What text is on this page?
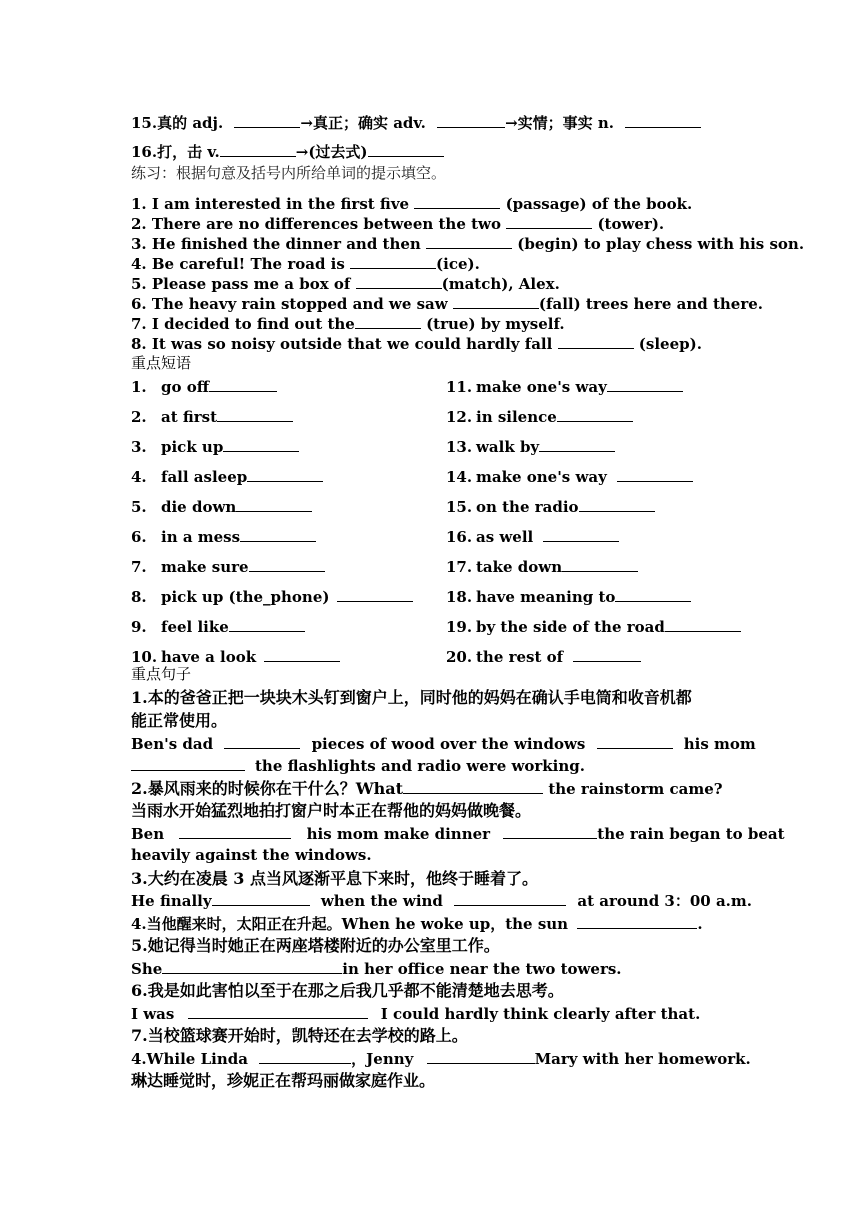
15.真的 adj.	→真正；确实 adv.	→实情；事实 n.
16.打，击 v.	→(过去式)
练习：根据句意及括号内所给单词的提示填空。
1. I am interested in the first five	(passage) of the book.
2. There are no differences between the two	(tower).
3. He finished the dinner and then	(begin) to play chess with his son.
4. Be careful! The road is	(ice).
5. Please pass me a box of	(match), Alex.
6. The heavy rain stopped and we saw	(fall) trees here and there.
7. I decided to find out the	(true) by myself.
8. It was so noisy outside that we could hardly fall	(sleep).
重点短语
1. go off
2. at first
3. pick up
4. fall asleep
5. die down
6. in a mess
7. make sure
8. pick up (the_phone)
9. feel like
10. have a look
11. make one's way
12. in silence
13. walk by
14. make one's way
15. on the radio
16. as well
17. take down
18. have meaning to
19. by the side of the road
20. the rest of
重点句子
1.本的爸爸正把一块块木头钉到窗户上，同时他的妈妈在确认手电筒和收音机都
能正常使用。
Ben's dad	pieces of wood over the windows	his mom
the flashlights and radio were working.
2.暴风雨来的时候你在干什么？What	the rainstorm came?
当雨水开始猛烈地拍打窗户时本正在帮他的妈妈做晚餐。
Ben	his mom make dinner	the rain began to beat
heavily against the windows.
3.大约在凌晨 3 点当风逐渐平息下来时，他终于睡着了。
He finally	when the wind	at around 3：00 a.m.
4.当他醒来时，太阳正在升起。When he woke up，the sun	.
5.她记得当时她正在两座塔楼附近的办公室里工作。
She	in her office near the two towers.
6.我是如此害怕以至于在那之后我几乎都不能清楚地去思考。
I was	I could hardly think clearly after that.
7.当校篮球赛开始时，凯特还在去学校的路上。
4.While Linda	，Jenny	Mary with her homework.
琳达睡觉时，珍妮正在帮玛丽做家庭作业。
